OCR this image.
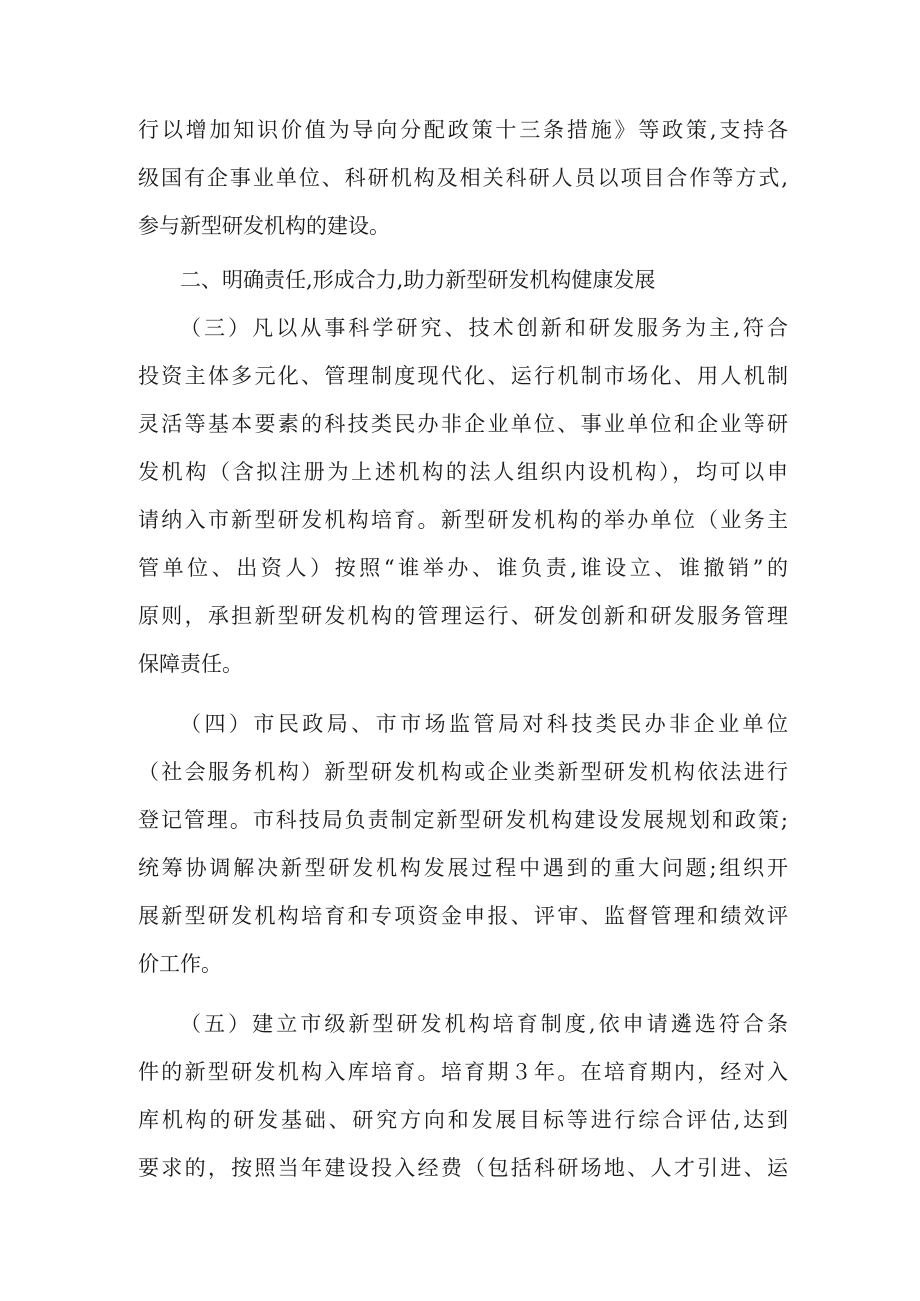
行以增加知识价值为导向分配政策十三条措施》等政策,支持各
级国有企事业单位、科研机构及相关科研人员以项目合作等方式,
参与新型研发机构的建设。
二、明确责任,形成合力,助力新型研发机构健康发展
（三）凡以从事科学研究、技术创新和研发服务为主,符合
投资主体多元化、管理制度现代化、运行机制市场化、用人机制
灵活等基本要素的科技类民办非企业单位、事业单位和企业等研
发机构（含拟注册为上述机构的法人组织内设机构），均可以申
请纳入市新型研发机构培育。新型研发机构的举办单位（业务主
管单位、出资人）按照“谁举办、谁负责,谁设立、谁撤销”的
原则，承担新型研发机构的管理运行、研发创新和研发服务管理
保障责任。
（四）市民政局、市市场监管局对科技类民办非企业单位
（社会服务机构）新型研发机构或企业类新型研发机构依法进行
登记管理。市科技局负责制定新型研发机构建设发展规划和政策;
统筹协调解决新型研发机构发展过程中遇到的重大问题;组织开
展新型研发机构培育和专项资金申报、评审、监督管理和绩效评
价工作。
（五）建立市级新型研发机构培育制度,依申请遴选符合条
件的新型研发机构入库培育。培育期３年。在培育期内，经对入
库机构的研发基础、研究方向和发展目标等进行综合评估,达到
要求的，按照当年建设投入经费（包括科研场地、人才引进、运
